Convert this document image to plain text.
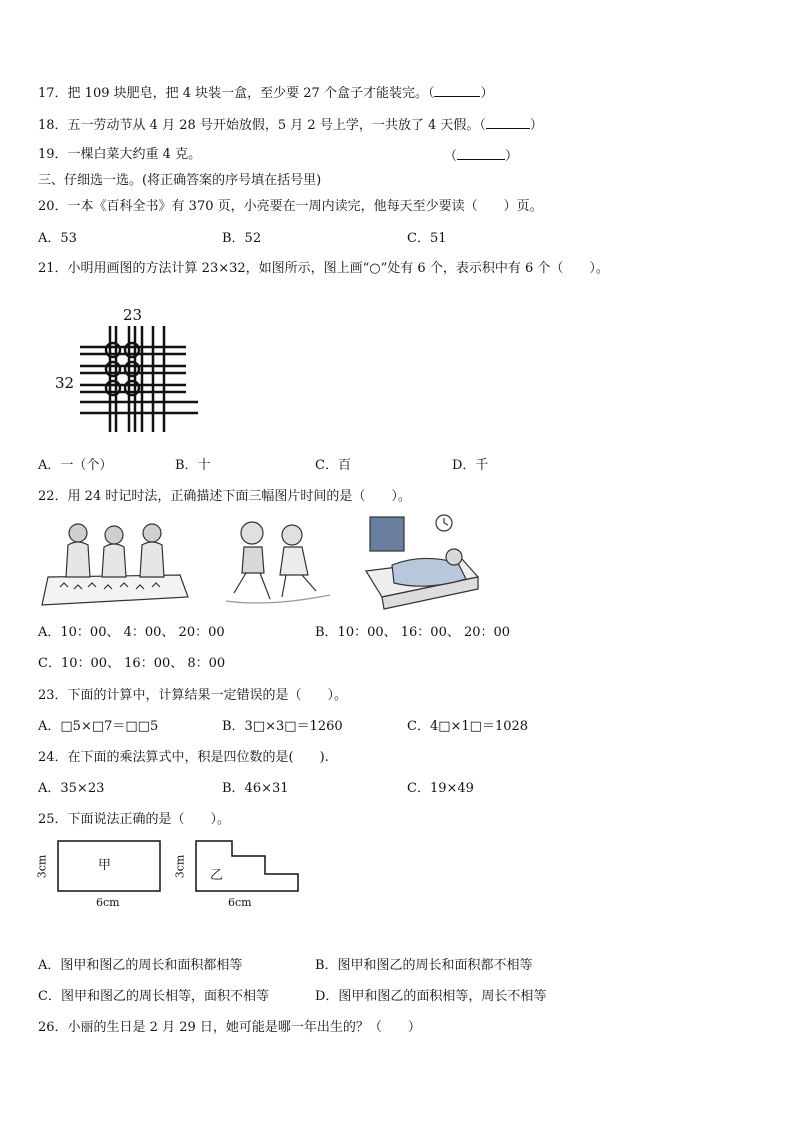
17．把 109 块肥皂，把 4 块装一盒，至少要 27 个盒子才能装完。（	）
18．五一劳动节从 4 月 28 号开始放假，5 月 2 号上学，一共放了 4 天假。（	）
19．一棵白菜大约重 4 克。	（	）
三、仔细选一选。(将正确答案的序号填在括号里)
20．一本《百科全书》有 370 页，小亮要在一周内读完，他每天至少要读（　　）页。
A．53	B．52	C．51
21．小明用画图的方法计算 23×32，如图所示，图上画“○”处有 6 个，表示积中有 6 个（　　）。
23
32
A．一（个）	B．十	C．百	D．千
22．用 24 时记时法，正确描述下面三幅图片时间的是（　　）。
A．10：00、 4：00、 20：00	B．10：00、 16：00、 20：00
C．10：00、 16：00、 8：00
23．下面的计算中，计算结果一定错误的是（　　）。
A．□5×□7＝□□5	B．3□×3□＝1260	C．4□×1□＝1028
24．在下面的乘法算式中，积是四位数的是(　　).
A．35×23	B．46×31	C．19×49
25．下面说法正确的是（　　）。
甲
3cm
6cm
乙
3cm
6cm
A．图甲和图乙的周长和面积都相等	B．图甲和图乙的周长和面积都不相等
C．图甲和图乙的周长相等，面积不相等	D．图甲和图乙的面积相等，周长不相等
26．小丽的生日是 2 月 29 日，她可能是哪一年出生的？（　　）
